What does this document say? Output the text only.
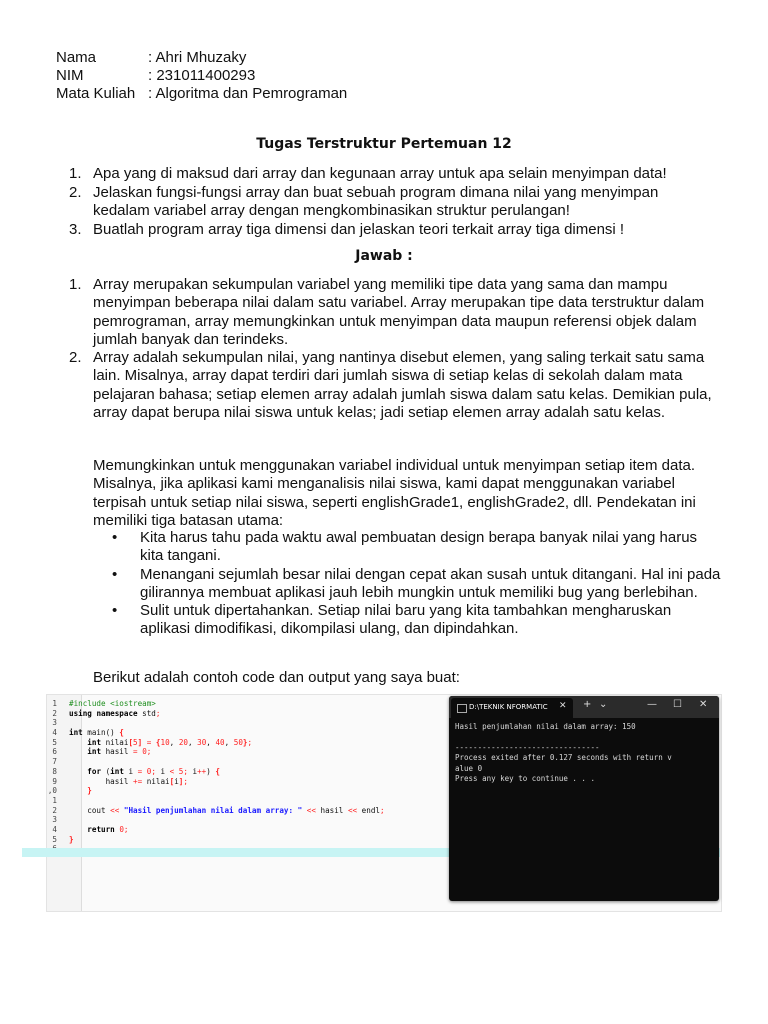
Nama	: Ahri Mhuzaky
NIM	: 231011400293
Mata Kuliah : Algoritma dan Pemrograman
Tugas Terstruktur Pertemuan 12
1. Apa yang di maksud dari array dan kegunaan array untuk apa selain menyimpan data!
2. Jelaskan fungsi-fungsi array dan buat sebuah program dimana nilai yang menyimpan kedalam variabel array dengan mengkombinasikan struktur perulangan!
3. Buatlah program array tiga dimensi dan jelaskan teori terkait array tiga dimensi !
Jawab :
1. Array merupakan sekumpulan variabel yang memiliki tipe data yang sama dan mampu menyimpan beberapa nilai dalam satu variabel. Array merupakan tipe data terstruktur dalam pemrograman, array memungkinkan untuk menyimpan data maupun referensi objek dalam jumlah banyak dan terindeks.
2. Array adalah sekumpulan nilai, yang nantinya disebut elemen, yang saling terkait satu sama lain. Misalnya, array dapat terdiri dari jumlah siswa di setiap kelas di sekolah dalam mata pelajaran bahasa; setiap elemen array adalah jumlah siswa dalam satu kelas. Demikian pula, array dapat berupa nilai siswa untuk kelas; jadi setiap elemen array adalah satu kelas.
Memungkinkan untuk menggunakan variabel individual untuk menyimpan setiap item data. Misalnya, jika aplikasi kami menganalisis nilai siswa, kami dapat menggunakan variabel terpisah untuk setiap nilai siswa, seperti englishGrade1, englishGrade2, dll. Pendekatan ini memiliki tiga batasan utama:
•	Kita harus tahu pada waktu awal pembuatan design berapa banyak nilai yang harus kita tangani.
•	Menangani sejumlah besar nilai dengan cepat akan susah untuk ditangani. Hal ini pada gilirannya membuat aplikasi jauh lebih mungkin untuk memiliki bug yang berlebihan.
•	Sulit untuk dipertahankan. Setiap nilai baru yang kita tambahkan mengharuskan aplikasi dimodifikasi, dikompilasi ulang, dan dipindahkan.
Berikut adalah contoh code dan output yang saya buat:
1 #include <iostream>
2 using namespace std;
3
4 int main() {
5	int nilai[5] = {10, 20, 30, 40, 50};
6	int hasil = 0;
7
8	for (int i = 0; i < 5; i++) {
9 hasil += nilai[i];
,0	}
1
2 cout << "Hasil penjumlahan nilai dalam array: " << hasil << endl;
3
4	return 0;
5 }
D:\TEKNIK NFORMATIC ✕ + ⌄	— ☐ ✕
Hasil penjumlahan nilai dalam array: 150
--------------------------------
Process exited after 0.127 seconds with return v
alue 0
Press any key to continue . . .
